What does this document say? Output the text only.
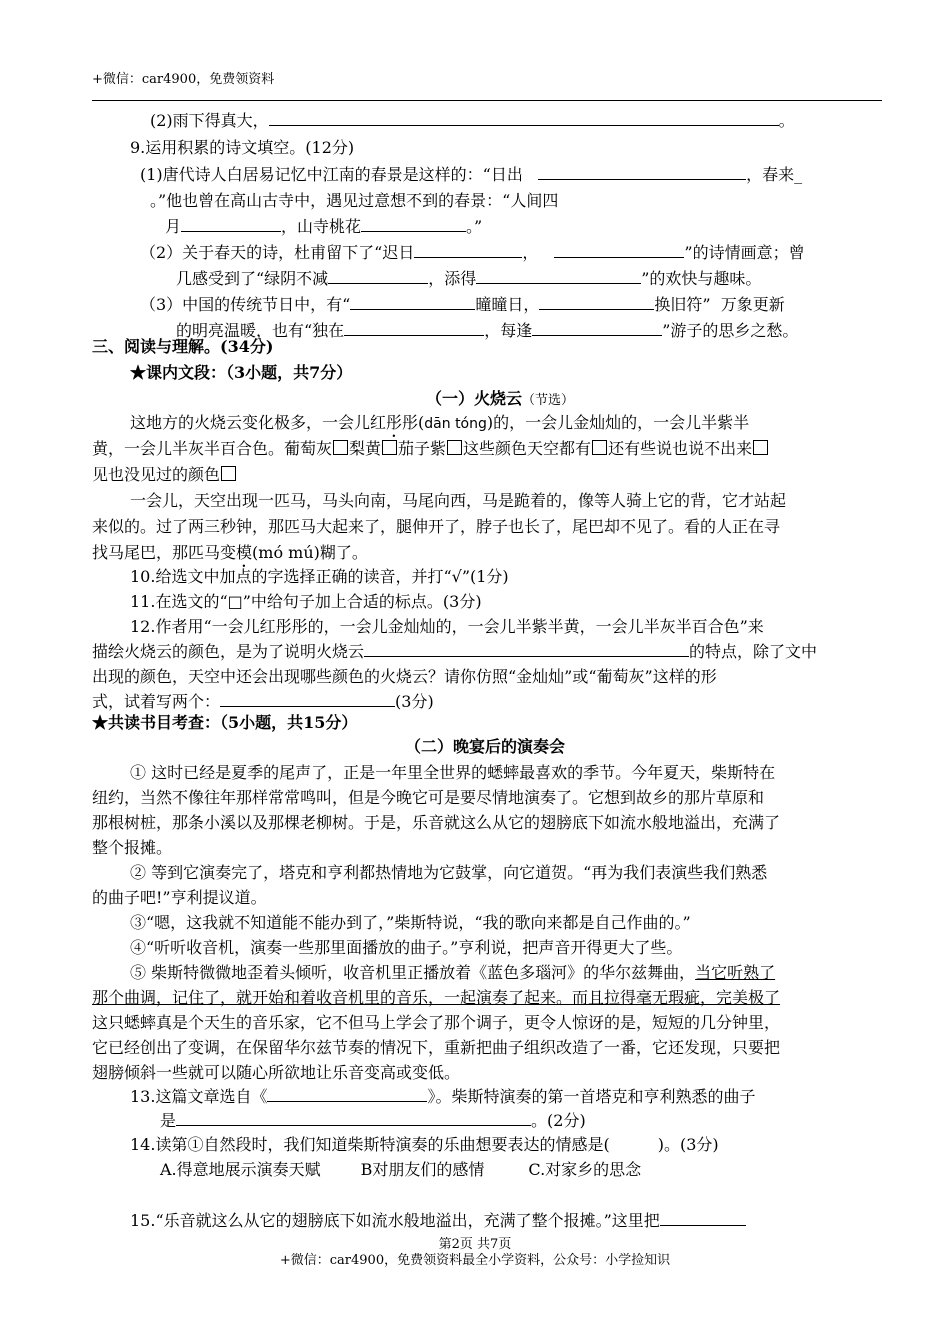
+微信：car4900，免费领资料
(2)雨下得真大，	。
9.运用积累的诗文填空。(12分)
(1)唐代诗人白居易记忆中江南的春景是这样的：“日出	，春来_
。”他也曾在高山古寺中，遇见过意想不到的春景：“人间四
月	，山寺桃花	。”
（2）关于春天的诗，杜甫留下了“迟日	，	”的诗情画意；曾
几感受到了“绿阴不减	，添得	”的欢快与趣味。
（3）中国的传统节日中，有“	曈曈日，	换旧符” 万象更新
的明亮温暖，也有“独在	，每逢	”游子的思乡之愁。
三、阅读与理解。(34分)
★课内文段：（3小题，共7分）
（一）火烧云（节选）
这地方的火烧云变化极多，一会儿红彤彤(dān tóng)的，一会儿金灿灿的，一会儿半紫半
黄，一会儿半灰半百合色。葡萄灰 梨黄 茄子紫 这些颜色天空都有 还有些说也说不出来
见也没见过的颜色
一会儿，天空出现一匹马，马头向南，马尾向西，马是跪着的，像等人骑上它的背，它才站起
来似的。过了两三秒钟，那匹马大起来了，腿伸开了，脖子也长了，尾巴却不见了。看的人正在寻
找马尾巴，那匹马变模(mó mú)糊了。
10.给选文中加点的字选择正确的读音，并打“√”(1分)
11.在选文的“□”中给句子加上合适的标点。(3分)
12.作者用“一会儿红彤彤的，一会儿金灿灿的，一会儿半紫半黄，一会儿半灰半百合色”来
描绘火烧云的颜色，是为了说明火烧云	的特点，除了文中
出现的颜色，天空中还会出现哪些颜色的火烧云？请你仿照“金灿灿”或“葡萄灰”这样的形
式，试着写两个：	(3分)
★共读书目考查：（5小题，共15分）
（二）晚宴后的演奏会
① 这时已经是夏季的尾声了，正是一年里全世界的蟋蟀最喜欢的季节。今年夏天，柴斯特在
纽约，当然不像往年那样常常鸣叫，但是今晚它可是要尽情地演奏了。它想到故乡的那片草原和
那根树桩，那条小溪以及那棵老柳树。于是，乐音就这么从它的翅膀底下如流水般地溢出，充满了
整个报摊。
② 等到它演奏完了，塔克和亨利都热情地为它鼓掌，向它道贺。“再为我们表演些我们熟悉
的曲子吧!”亨利提议道。
③“嗯，这我就不知道能不能办到了，”柴斯特说，“我的歌向来都是自己作曲的。”
④“听听收音机，演奏一些那里面播放的曲子。”亨利说，把声音开得更大了些。
⑤ 柴斯特微微地歪着头倾听，收音机里正播放着《蓝色多瑙河》的华尔兹舞曲，当它听熟了
那个曲调，记住了，就开始和着收音机里的音乐，一起演奏了起来。而且拉得毫无瑕疵，完美极了
这只蟋蟀真是个天生的音乐家，它不但马上学会了那个调子，更令人惊讶的是，短短的几分钟里，
它已经创出了变调，在保留华尔兹节奏的情况下，重新把曲子组织改造了一番，它还发现，只要把
翅膀倾斜一些就可以随心所欲地让乐音变高或变低。
13.这篇文章选自《	》。柴斯特演奏的第一首塔克和亨利熟悉的曲子
是	。(2分)
14.读第①自然段时，我们知道柴斯特演奏的乐曲想要表达的情感是(	)。(3分)
A.得意地展示演奏天赋	B对朋友们的感情	C.对家乡的思念
15.“乐音就这么从它的翅膀底下如流水般地溢出，充满了整个报摊。”这里把
第2页 共7页
+微信：car4900，免费领资料最全小学资料，公众号：小学捡知识
